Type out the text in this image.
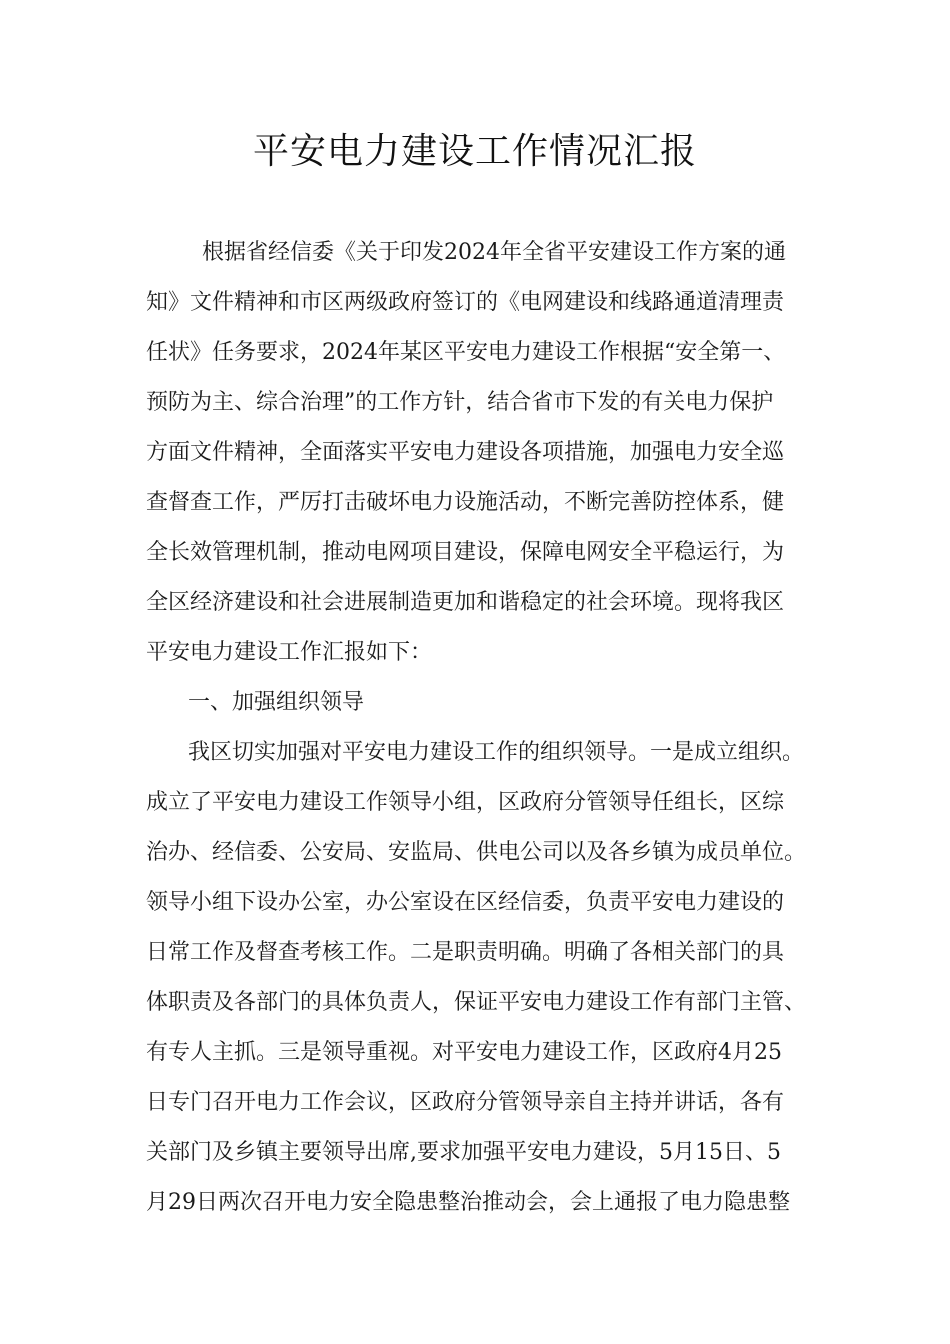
平安电力建设工作情况汇报
根据省经信委《关于印发2024年全省平安建设工作方案的通
知》文件精神和市区两级政府签订的《电网建设和线路通道清理责
任状》任务要求，2024年某区平安电力建设工作根据“安全第一、
预防为主、综合治理”的工作方针，结合省市下发的有关电力保护
方面文件精神，全面落实平安电力建设各项措施，加强电力安全巡
查督查工作，严厉打击破坏电力设施活动，不断完善防控体系，健
全长效管理机制，推动电网项目建设，保障电网安全平稳运行，为
全区经济建设和社会进展制造更加和谐稳定的社会环境。现将我区
平安电力建设工作汇报如下：
一、加强组织领导
我区切实加强对平安电力建设工作的组织领导。一是成立组织。
成立了平安电力建设工作领导小组，区政府分管领导任组长，区综
治办、经信委、公安局、安监局、供电公司以及各乡镇为成员单位。
领导小组下设办公室，办公室设在区经信委，负责平安电力建设的
日常工作及督查考核工作。二是职责明确。明确了各相关部门的具
体职责及各部门的具体负责人，保证平安电力建设工作有部门主管、
有专人主抓。三是领导重视。对平安电力建设工作，区政府4月25
日专门召开电力工作会议，区政府分管领导亲自主持并讲话，各有
关部门及乡镇主要领导出席,要求加强平安电力建设，5月15日、5
月29日两次召开电力安全隐患整治推动会，会上通报了电力隐患整
